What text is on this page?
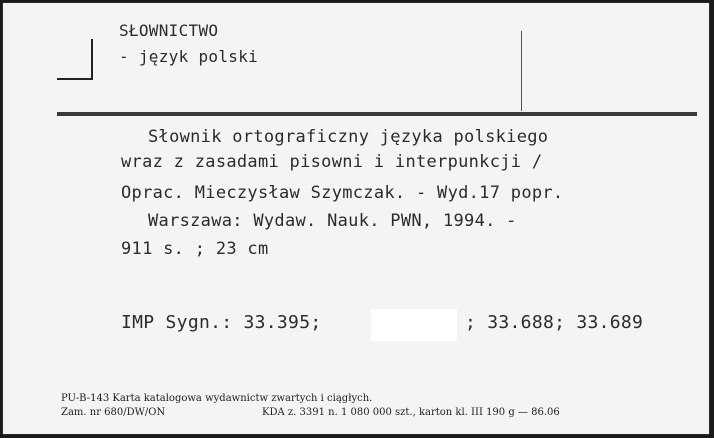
SŁOWNICTWO

- język polski

Słownik ortograficzny języka polskiego

wraz z zasadami pisowni i interpunkcji /

Oprac. Mieczysław Szymczak. - Wyd.17 popr.

Warszawa: Wydaw. Nauk. PWN, 1994. -

911 s. ; 23 cm

IMP Sygn.: 33.395;	; 33.688; 33.689

PU-B-143 Karta katalogowa wydawnictw zwartych i ciągłych.

Zam. nr 680/DW/ON	KDA z. 3391 n. 1 080 000 szt., karton kl. III 190 g — 86.06
